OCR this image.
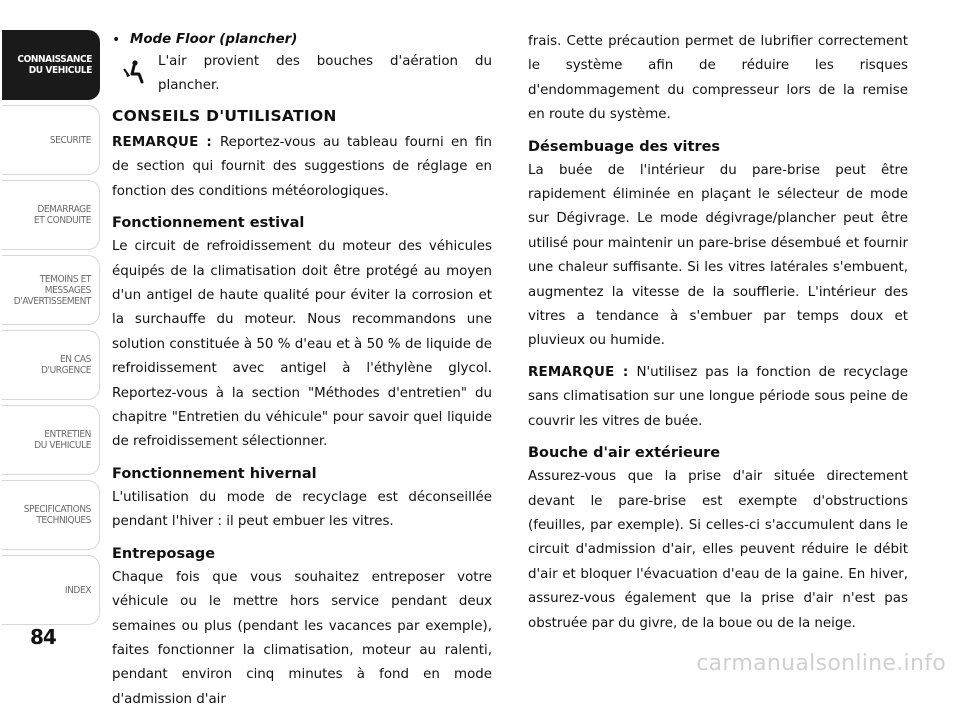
CONNAISSANCE
DU VEHICULE
SECURITE
DEMARRAGE
ET CONDUITE
TEMOINS ET
MESSAGES
D'AVERTISSEMENT
EN CAS
D'URGENCE
ENTRETIEN
DU VEHICULE
SPECIFICATIONS
TECHNIQUES
INDEX
84
• Mode Floor (plancher)
L'air provient des bouches d'aération du plancher.
CONSEILS D'UTILISATION

REMARQUE : Reportez-vous au tableau fourni en fin de section qui fournit des suggestions de réglage en fonction des conditions météorologiques.

Fonctionnement estival

Le circuit de refroidissement du moteur des véhicules équipés de la climatisation doit être protégé au moyen d'un antigel de haute qualité pour éviter la corrosion et la surchauffe du moteur. Nous recommandons une solution constituée à 50 % d'eau et à 50 % de liquide de refroidissement avec antigel à l'éthylène glycol. Reportez-vous à la section "Méthodes d'entretien" du chapitre "Entretien du véhicule" pour savoir quel liquide de refroidissement sélectionner.

Fonctionnement hivernal

L'utilisation du mode de recyclage est déconseillée pendant l'hiver : il peut embuer les vitres.

Entreposage

Chaque fois que vous souhaitez entreposer votre véhicule ou le mettre hors service pendant deux semaines ou plus (pendant les vacances par exemple), faites fonctionner la climatisation, moteur au ralenti, pendant environ cinq minutes à fond en mode d'admission d'air

frais. Cette précaution permet de lubrifier correctement le système afin de réduire les risques d'endommagement du compresseur lors de la remise en route du système.

Désembuage des vitres

La buée de l'intérieur du pare-brise peut être rapidement éliminée en plaçant le sélecteur de mode sur Dégivrage. Le mode dégivrage/plancher peut être utilisé pour maintenir un pare-brise désembué et fournir une chaleur suffisante. Si les vitres latérales s'embuent, augmentez la vitesse de la soufflerie. L'intérieur des vitres a tendance à s'embuer par temps doux et pluvieux ou humide.

REMARQUE : N'utilisez pas la fonction de recyclage sans climatisation sur une longue période sous peine de couvrir les vitres de buée.

Bouche d'air extérieure

Assurez-vous que la prise d'air située directement devant le pare-brise est exempte d'obstructions (feuilles, par exemple). Si celles-ci s'accumulent dans le circuit d'admission d'air, elles peuvent réduire le débit d'air et bloquer l'évacuation d'eau de la gaine. En hiver, assurez-vous également que la prise d'air n'est pas obstruée par du givre, de la boue ou de la neige.

carmanualsonline.info
